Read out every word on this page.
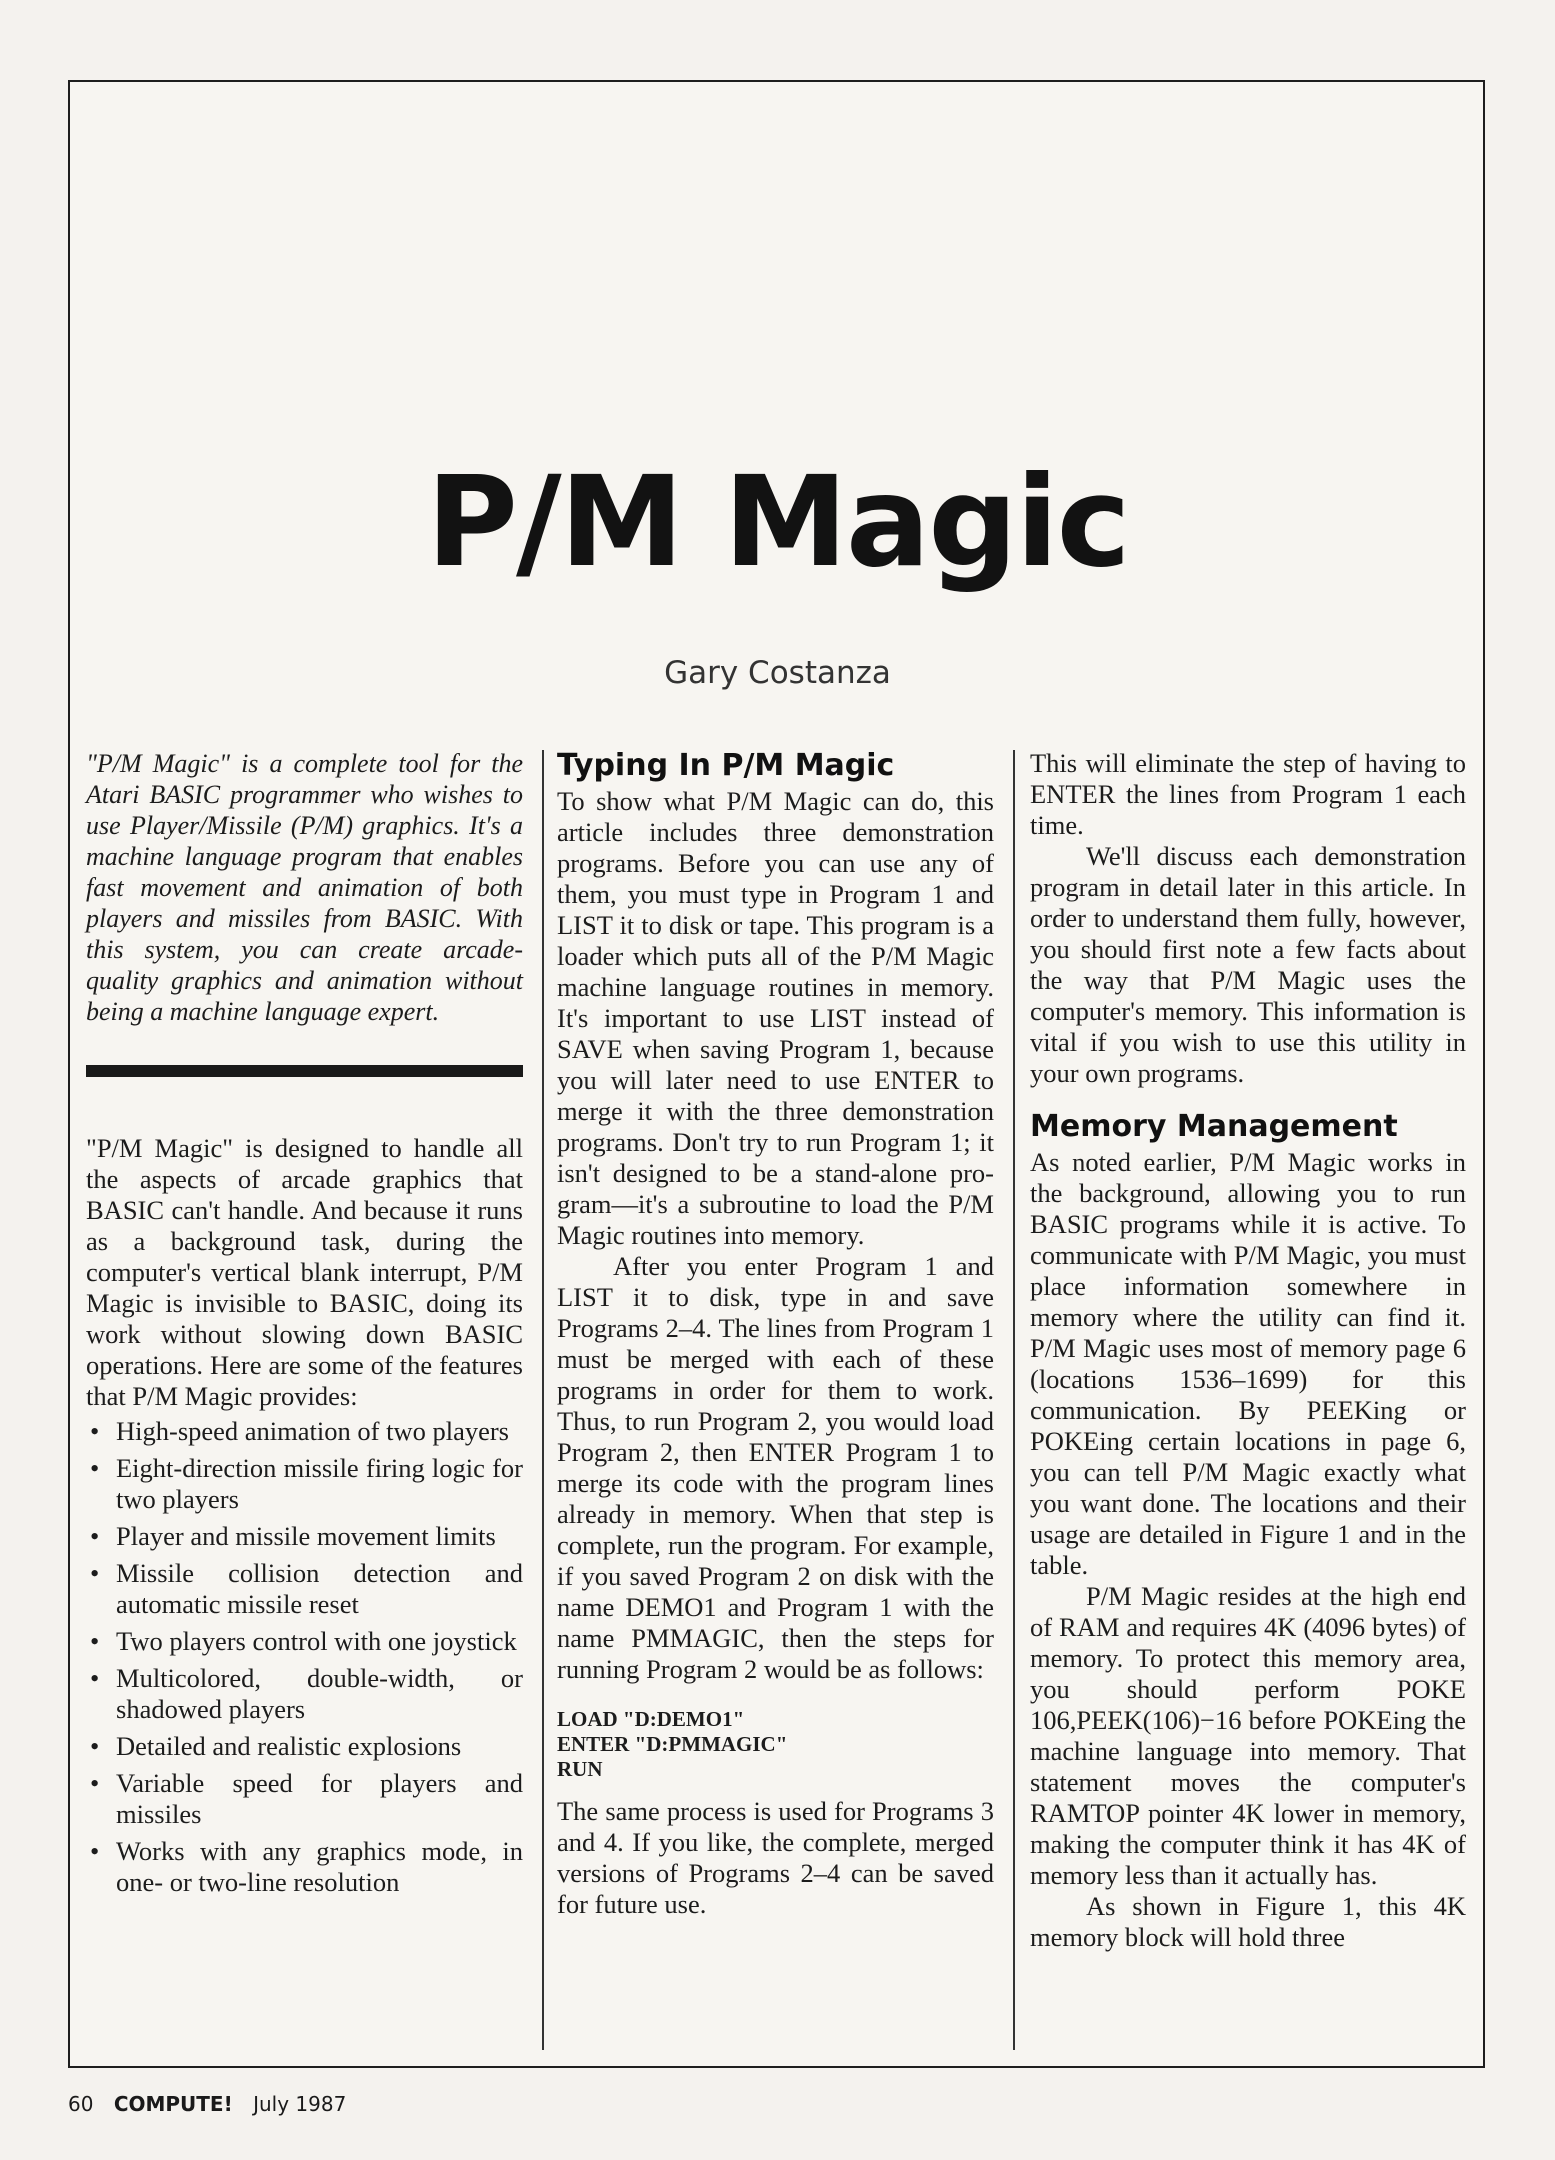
P/M Magic
Gary Costanza

"P/M Magic" is a complete tool for the Atari BASIC programmer who wishes to use Player/Missile (P/M) graphics. It's a machine language program that enables fast movement and animation of both players and missiles from BASIC. With this system, you can create arcade-quality graphics and animation without being a machine language expert.

"P/M Magic" is designed to handle all the aspects of arcade graphics that BASIC can't handle. And because it runs as a background task, during the computer's vertical blank interrupt, P/M Magic is invisible to BASIC, doing its work without slowing down BASIC operations. Here are some of the features that P/M Magic provides:

• High-speed animation of two players
• Eight-direction missile firing logic for two players
• Player and missile movement limits
• Missile collision detection and automatic missile reset
• Two players control with one joystick
• Multicolored, double-width, or shadowed players
• Detailed and realistic explosions
• Variable speed for players and missiles
• Works with any graphics mode, in one- or two-line resolution
Typing In P/M Magic

To show what P/M Magic can do, this article includes three demonstration programs. Before you can use any of them, you must type in Program 1 and LIST it to disk or tape. This program is a loader which puts all of the P/M Magic machine language routines in memory. It's important to use LIST instead of SAVE when saving Program 1, because you will later need to use ENTER to merge it with the three demonstration programs. Don't try to run Program 1; it isn't designed to be a stand-alone program—it's a subroutine to load the P/M Magic routines into memory.

After you enter Program 1 and LIST it to disk, type in and save Programs 2–4. The lines from Program 1 must be merged with each of these programs in order for them to work. Thus, to run Program 2, you would load Program 2, then ENTER Program 1 to merge its code with the program lines already in memory. When that step is complete, run the program. For example, if you saved Program 2 on disk with the name DEMO1 and Program 1 with the name PMMAGIC, then the steps for running Program 2 would be as follows:

LOAD "D:DEMO1"
ENTER "D:PMMAGIC"
RUN

The same process is used for Programs 3 and 4. If you like, the complete, merged versions of Programs 2–4 can be saved for future use.

This will eliminate the step of having to ENTER the lines from Program 1 each time.

We'll discuss each demonstration program in detail later in this article. In order to understand them fully, however, you should first note a few facts about the way that P/M Magic uses the computer's memory. This information is vital if you wish to use this utility in your own programs.

Memory Management

As noted earlier, P/M Magic works in the background, allowing you to run BASIC programs while it is active. To communicate with P/M Magic, you must place information somewhere in memory where the utility can find it. P/M Magic uses most of memory page 6 (locations 1536–1699) for this communication. By PEEKing or POKEing certain locations in page 6, you can tell P/M Magic exactly what you want done. The locations and their usage are detailed in Figure 1 and in the table.

P/M Magic resides at the high end of RAM and requires 4K (4096 bytes) of memory. To protect this memory area, you should perform POKE 106,PEEK(106)−16 before POKEing the machine language into memory. That statement moves the computer's RAMTOP pointer 4K lower in memory, making the computer think it has 4K of memory less than it actually has.

As shown in Figure 1, this 4K memory block will hold three

60 COMPUTE! July 1987
